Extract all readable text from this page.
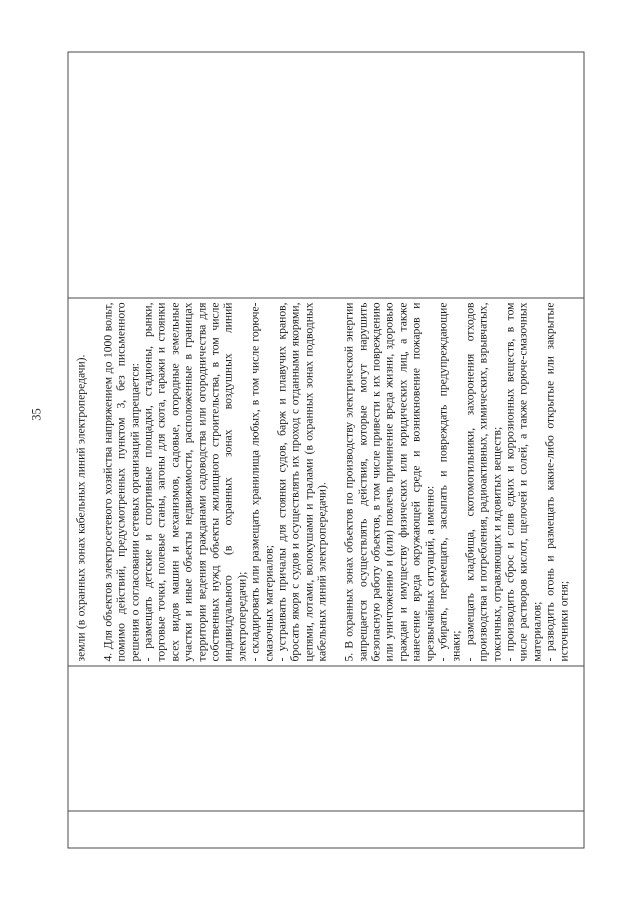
35	земли (в охранных зонах кабельных линий электропередачи). 4. Для объектов электросетевого хозяйства напряжением до 1000 вольт, помимо действий, предусмотренных пунктом 3, без письменного решения о согласовании сетевых организаций запрещается: - размещать детские и спортивные площадки, стадионы, рынки, торговые точки, полевые станы, загоны для скота, гаражи и стоянки всех видов машин и механизмов, садовые, огородные земельные участки и иные объекты недвижимости, расположенные в границах территории ведения гражданами садоводства или огородничества для собственных нужд объекты жилищного строительства, в том числе индивидуального (в охранных зонах воздушных линий электропередачи); - складировать или размещать хранилища любых, в том числе горюче-смазочных материалов; - устраивать причалы для стоянки судов, барж и плавучих кранов, бросать якоря с судов и осуществлять их проход с отданными якорями, цепями, лотами, волокушами и тралами (в охранных зонах подводных кабельных линий электропередачи). 5. В охранных зонах объектов по производству электрической энергии запрещается осуществлять действия, которые могут нарушить безопасную работу объектов, в том числе привести к их повреждению или уничтожению и (или) повлечь причинение вреда жизни, здоровью граждан и имуществу физических или юридических лиц, а также нанесение вреда окружающей среде и возникновение пожаров и чрезвычайных ситуаций, а именно: - убирать, перемещать, засыпать и повреждать предупреждающие знаки; - размещать кладбища, скотомогильники, захоронения отходов производства и потребления, радиоактивных, химических, взрывчатых, токсичных, отравляющих и ядовитых веществ; - производить сброс и слив едких и коррозионных веществ, в том числе растворов кислот, щелочей и солей, а также горюче-смазочных материалов; - разводить огонь и размещать какие-либо открытые или закрытые источники огня;
